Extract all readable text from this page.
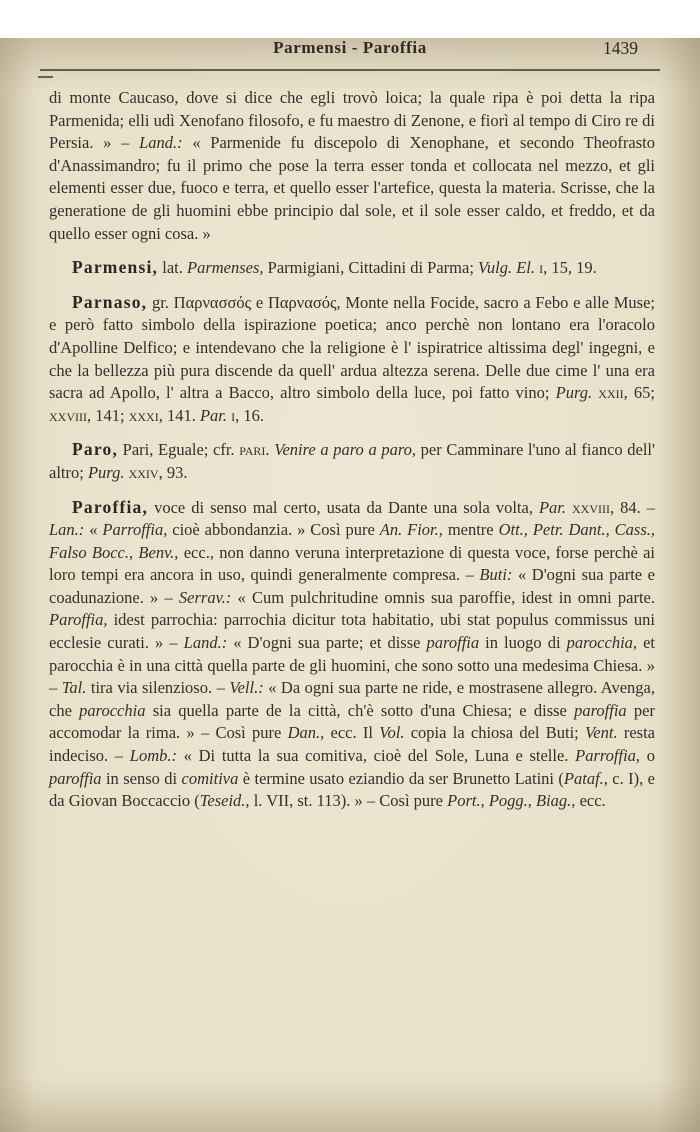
Parmensi - Paroffia	1439

di monte Caucaso, dove si dice che egli trovò loica; la quale ripa è poi detta la ripa Parmenida; elli udì Xenofano filosofo, e fu maestro di Zenone, e fiorì al tempo di Ciro re di Persia. » – Land.: « Parmenide fu discepolo di Xenophane, et secondo Theofrasto d'Anassimandro; fu il primo che pose la terra esser tonda et collocata nel mezzo, et gli elementi esser due, fuoco e terra, et quello esser l'artefice, questa la materia. Scrisse, che la generatione de gli huomini ebbe principio dal sole, et il sole esser caldo, et freddo, et da quello esser ogni cosa. »

Parmensi, lat. Parmenses, Parmigiani, Cittadini di Parma; Vulg. El. i, 15, 19.

Parnaso, gr. Παρνασσός e Παρνασός, Monte nella Focide, sacro a Febo e alle Muse; e però fatto simbolo della ispirazione poetica; anco perchè non lontano era l'oracolo d'Apolline Delfico; e intendevano che la religione è l' ispiratrice altissima degl' ingegni, e che la bellezza più pura discende da quell' ardua altezza serena. Delle due cime l' una era sacra ad Apollo, l' altra a Bacco, altro simbolo della luce, poi fatto vino; Purg. xxii, 65; xxviii, 141; xxxi, 141. Par. i, 16.

Paro, Pari, Eguale; cfr. pari. Venire a paro a paro, per Camminare l'uno al fianco dell' altro; Purg. xxiv, 93.

Paroffia, voce di senso mal certo, usata da Dante una sola volta, Par. xxviii, 84. – Lan.: « Parroffia, cioè abbondanzia. » Così pure An. Fior., mentre Ott., Petr. Dant., Cass., Falso Bocc., Benv., ecc., non danno veruna interpretazione di questa voce, forse perchè ai loro tempi era ancora in uso, quindi generalmente compresa. – Buti: « D'ogni sua parte e coadunazione. » – Serrav.: « Cum pulchritudine omnis sua paroffie, idest in omni parte. Paroffia, idest parrochia: parrochia dicitur tota habitatio, ubi stat populus commissus uni ecclesie curati. » – Land.: « D'ogni sua parte; et disse paroffia in luogo di parocchia, et parocchia è in una città quella parte de gli huomini, che sono sotto una medesima Chiesa. » – Tal. tira via silenzioso. – Vell.: « Da ogni sua parte ne ride, e mostrasene allegro. Avenga, che parocchia sia quella parte de la città, ch'è sotto d'una Chiesa; e disse paroffia per accomodar la rima. » – Così pure Dan., ecc. Il Vol. copia la chiosa del Buti; Vent. resta indeciso. – Lomb.: « Di tutta la sua comitiva, cioè del Sole, Luna e stelle. Parroffia, o paroffia in senso di comitiva è termine usato eziandio da ser Brunetto Latini (Pataf., c. I), e da Giovan Boccaccio (Teseid., l. VII, st. 113). » – Così pure Port., Pogg., Biag., ecc.
